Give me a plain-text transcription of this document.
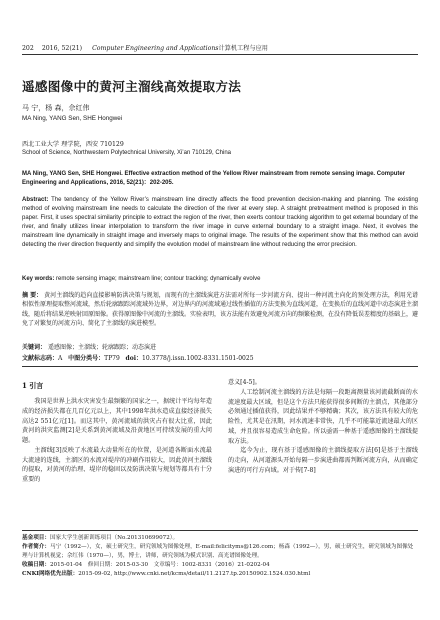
202 2016, 52(21) Computer Engineering and Applications 计算机工程与应用
遥感图像中的黄河主溜线高效提取方法
马 宁，杨 森，佘红伟
MA Ning, YANG Sen, SHE Hongwei
西北工业大学 理学院，西安 710129
School of Science, Northwestern Polytechnical University, Xi’an 710129, China
MA Ning, YANG Sen, SHE Hongwei. Effective extraction method of the Yellow River mainstream from remote sensing image. Computer Engineering and Applications, 2016, 52(21)：202-205.
Abstract: The tendency of the Yellow River’s mainstream line directly affects the flood prevention decision-making and planning. The existing method of evolving mainstream line needs to calculate the direction of the river at every step. A straight pretreatment method is proposed in this paper. First, it uses spectral similarity principle to extract the region of the river, then exerts contour tracking algorithm to get external boundary of the river, and finally utilizes linear interpolation to transform the river image in curve external boundary to a straight image. Next, it evolves the mainstream line dynamically in straight image and inversely maps to original image. The results of the experiment show that this method can avoid detecting the river direction frequently and simplify the evolution model of mainstream line without reducing the error precision.
Key words: remote sensing image; mainstream line; contour tracking; dynamically evolve
摘 要： 黄河主溜线的趋向直接影响防洪决策与规划，而现有的主溜线演进方法需对所每一步河流方向、提出一种河流主向化的预处理方法，利用光谱相似性原理提取整河流域，然后轮廓跟踪河流域外边界，对边界内的河流域通过线性插值的方法变换为直线河道，在变换后的直线河道中动态演进主溜线，随后将结果逆映射回原图像。获得原图像中河流的主溜线。实验表明，该方法能有效避免河流方向的频繁检测，在没有降低误差精度的基础上，避免了对繁复的河流方向、简化了主溜线的演进模型。
关键词： 遥感图像；主溜线；轮廓跟踪；动态演进
文献标志码：A 中图分类号：TP79 doi：10.3778/j.issn.1002-8331.1501-0025
1 引言

我国是世界上洪水灾害发生最频繁的国家之一，据统计平均每年造成的经济损失都在几百亿元以上，其中1998年洪水造成直接经济损失高达2 551亿元[1]。而这其中，黄河流域的洪灾占有很大比重，因此黄河的洪灾监测[2]是关系到黄河流域及沿黄地区可持续发展的重大问题。

主溜线[3]反映了水流最大动量所在的位置，是河道各断面水流最大流速的连线，主溜区的水流对堤岸的冲刷作用较大，因此黄河主溜线的提取，对黄河的治理、堤岸的稳固以及防洪决策与规划等都具有十分重要的

意义[4-5]。

人工绘制河流主溜线的方法是每隔一段距离测量该河流截断面的水流速度最大区域，但是这个方法只能获得很多间断的主溜点，其他部分必须通过插值获得，因此结果并不够精确；其次，该方法具有较大的危险性，尤其是在汛期，河水流速非常快，几乎不可能靠近流速最大的区域，并且很容易造成生命危险。所以亟需一种基于遥感图像的主溜线提取方法。

迄今为止，现有基于遥感图像的主溜线提取方法[6]是基于主溜线的走向，从河道源头开始每隔一步演进曲都需判断河流方向，从而确定演进的可行方向域。对于传[7-8]

基金项目：国家大学生创新训练项目（No.201310699072）。
作者简介：马宁（1992—），女，硕士研究生，研究领域为图像处理，E-mail:felicityms@126.com；杨森（1992—），男，硕士研究生，研究领域为图像处理与计算机视觉；佘红伟（1970—），男，博士，讲师，研究领域为模式识别、高光谱图像处理。
收稿日期：2015-01-04　修回日期：2015-03-30　文章编号：1002-8331（2016）21-0202-04
CNKI网络优先出版：2015-09-02, http://www.cnki.net/kcms/detail/11.2127.tp.20150902.1524.030.html
